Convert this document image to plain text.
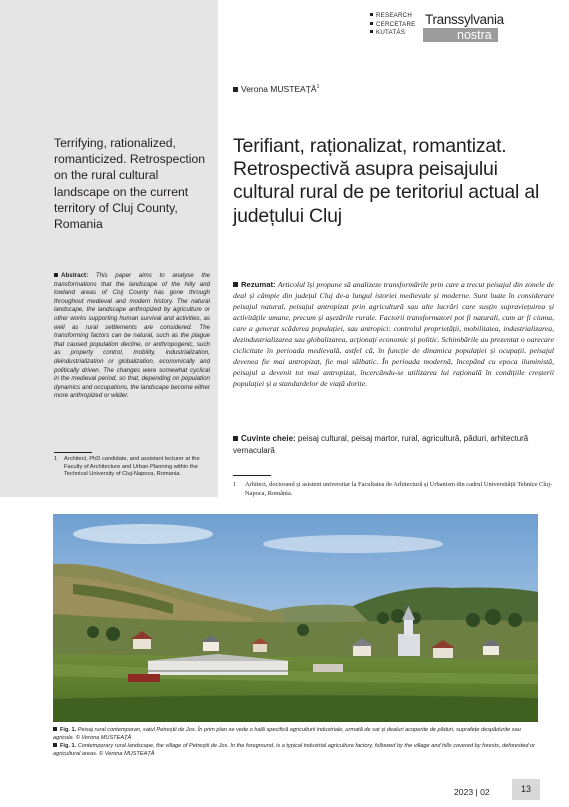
RESEARCH
CERCETARE
KUTATÁS
Transsylvania
nostra
Verona MUSTEAȚĂ$^1$
Terrifying, rationalized, romanticized. Retrospection on the rural cultural landscape on the current territory of Cluj County, Romania
Terifiant, raționalizat, romantizat. Retrospectivă asupra peisajului cultural rural de pe teritoriul actual al județului Cluj
Abstract: This paper aims to analyse the transformations that the landscape of the hilly and lowland areas of Cluj County has gone through throughout medieval and modern history. The natural landscape, the landscape anthropized by agriculture or other works supporting human survival and activities, as well as rural settlements are considered. The transforming factors can be natural, such as the plague that caused population decline, or anthropogenic, such as property control, mobility, industrialization, deindustrialization or globalization, economically and politically driven. The changes were somewhat cyclical in the medieval period, so that, depending on population dynamics and occupations, the landscape become either more anthropized or wilder.
1	Architect, PhD candidate, and assistant lecturer at the Faculty of Architecture and Urban Planning within the Technical University of Cluj-Napoca, Romania.
Rezumat: Articolul își propune să analizeze transformările prin care a trecut peisajul din zonele de deal și câmpie din județul Cluj de-a lungul istoriei medievale și moderne. Sunt luate în considerare peisajul natural, peisajul antropizat prin agricultură sau alte lucrări care susțin supraviețuirea și activitățile umane, precum și așezările rurale. Factorii transformatori pot fi naturali, cum ar fi ciuma, care a generat scăderea populației, sau antropici: controlul proprietății, mobilitatea, industrializarea, dezindustrializarea sau globalizarea, acționați economic și politic. Schimbările au prezentat o oarecare ciclicitate în perioada medievală, astfel că, în funcție de dinamica populației și ocupații, peisajul devenea fie mai antropizat, fie mai sălbatic. În perioada modernă, începând cu epoca iluministă, peisajul a devenit tot mai antropizat, încercându-se utilizarea lui rațională în condițiile creșterii populației și a standardelor de viață dorite.
Cuvinte cheie: peisaj cultural, peisaj martor, rural, agricultură, păduri, arhitectură vernaculară
1	Arhitect, doctorand și asistent universitar la Facultatea de Arhitectură și Urbanism din cadrul Universității Tehnice Cluj-Napoca, România.
Fig. 1. Peisaj rural contemporan, satul Petreștii de Jos. În prim plan se vede o hală specifică agriculturii industriale, urmată de sat și dealuri acoperite de păduri, suprafețe despădurite sau agricole. © Verona MUSTEAȚĂ
Fig. 1. Contemporary rural landscape, the village of Petreștii de Jos. In the foreground, is a typical industrial agriculture factory, followed by the village and hills covered by forests, deforested or agricultural areas. © Verona MUSTEAȚĂ
2023 | 02	13
